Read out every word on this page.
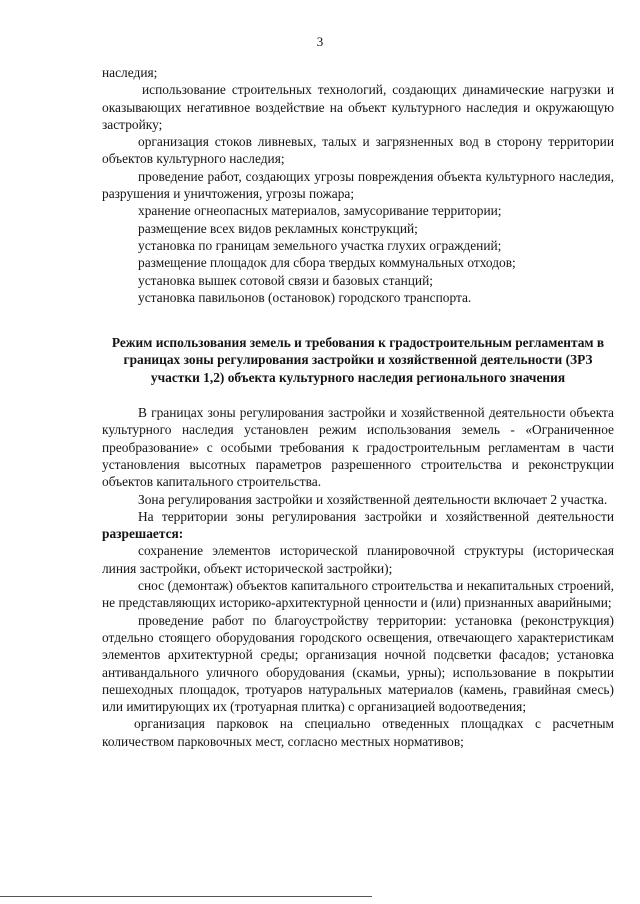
3

наследия;

использование строительных технологий, создающих динамические нагрузки и оказывающих негативное воздействие на объект культурного наследия и окружающую застройку;

организация стоков ливневых, талых и загрязненных вод в сторону территории объектов культурного наследия;

проведение работ, создающих угрозы повреждения объекта культурного наследия, разрушения и уничтожения, угрозы пожара;

хранение огнеопасных материалов, замусоривание территории;

размещение всех видов рекламных конструкций;

установка по границам земельного участка глухих ограждений;

размещение площадок для сбора твердых коммунальных отходов;

установка вышек сотовой связи и базовых станций;

установка павильонов (остановок) городского транспорта.

Режим использования земель и требования к градостроительным регламентам в границах зоны регулирования застройки и хозяйственной деятельности (ЗРЗ участки 1,2) объекта культурного наследия регионального значения

В границах зоны регулирования застройки и хозяйственной деятельности объекта культурного наследия установлен режим использования земель - «Ограниченное преобразование» с особыми требования к градостроительным регламентам в части установления высотных параметров разрешенного строительства и реконструкции объектов капитального строительства.

Зона регулирования застройки и хозяйственной деятельности включает 2 участка.

На территории зоны регулирования застройки и хозяйственной деятельности разрешается:

сохранение элементов исторической планировочной структуры (историческая линия застройки, объект исторической застройки);

снос (демонтаж) объектов капитального строительства и некапитальных строений, не представляющих историко-архитектурной ценности и (или) признанных аварийными;

проведение работ по благоустройству территории: установка (реконструкция) отдельно стоящего оборудования городского освещения, отвечающего характеристикам элементов архитектурной среды; организация ночной подсветки фасадов; установка антивандального уличного оборудования (скамьи, урны); использование в покрытии пешеходных площадок, тротуаров натуральных материалов (камень, гравийная смесь) или имитирующих их (тротуарная плитка) с организацией водоотведения;

организация парковок на специально отведенных площадках с расчетным количеством парковочных мест, согласно местных нормативов;
